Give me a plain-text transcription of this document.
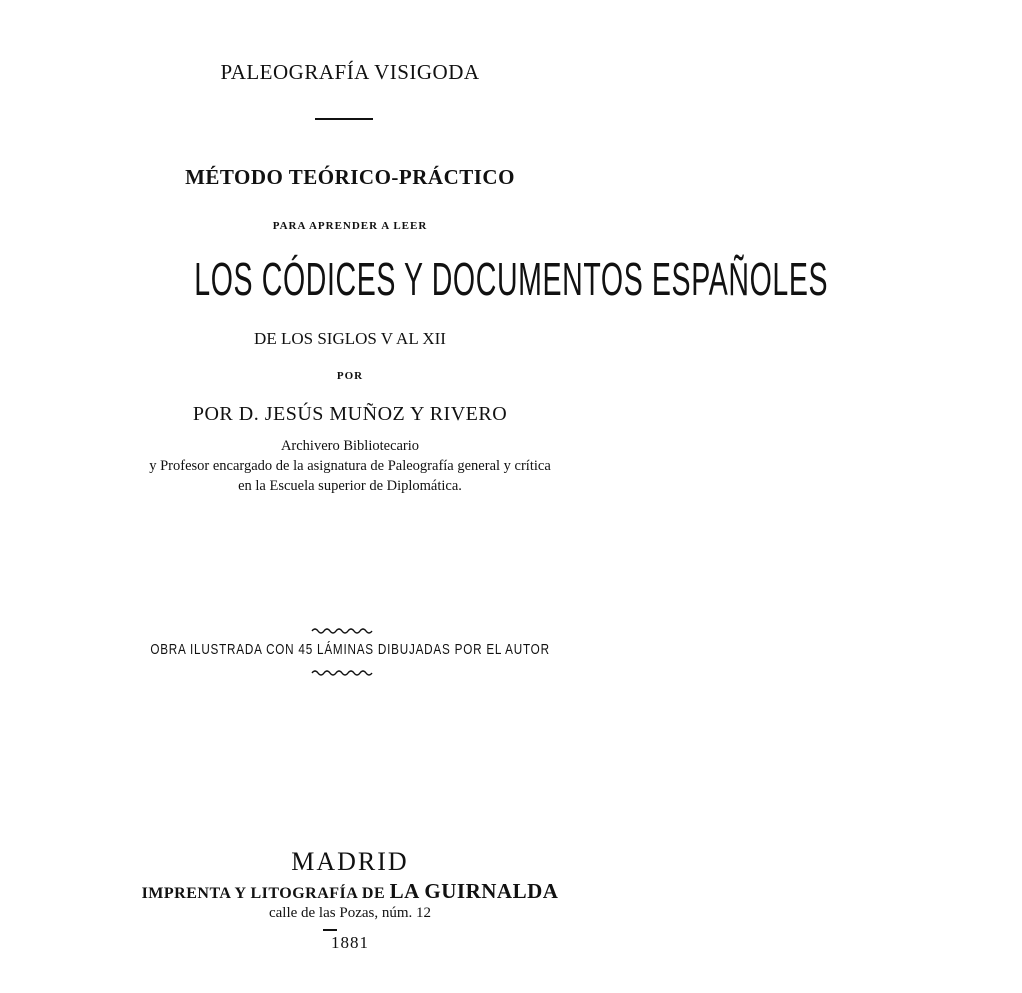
PALEOGRAFÍA VISIGODA
MÉTODO TEÓRICO-PRÁCTICO
PARA APRENDER A LEER
LOS CÓDICES Y DOCUMENTOS ESPAÑOLES
DE LOS SIGLOS V AL XII
POR
POR D. JESÚS MUÑOZ Y RIVERO
Archivero Bibliotecario
y Profesor encargado de la asignatura de Paleografía general y crítica
en la Escuela superior de Diplomática.
OBRA ILUSTRADA CON 45 LÁMINAS DIBUJADAS POR EL AUTOR
MADRID
IMPRENTA Y LITOGRAFÍA DE LA GUIRNALDA
calle de las Pozas, núm. 12
1881
